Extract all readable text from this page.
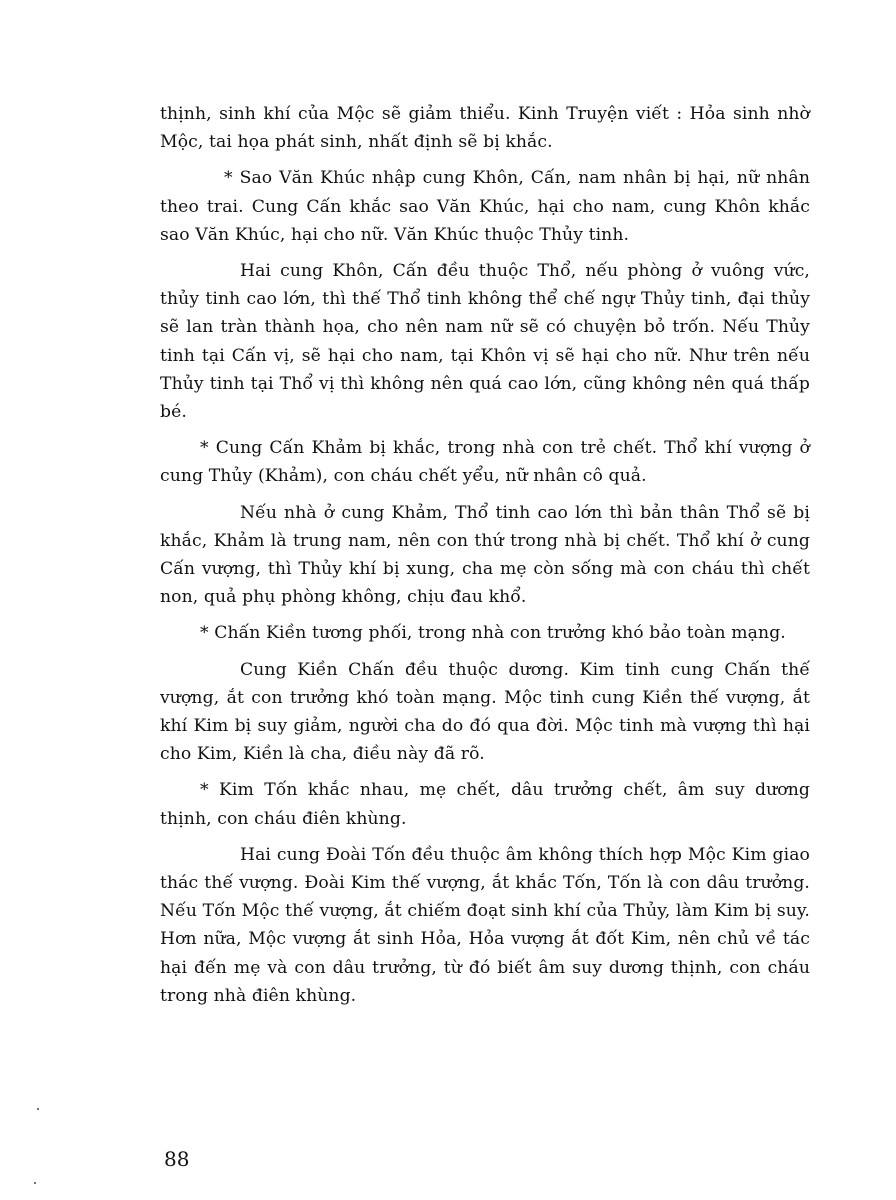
thịnh, sinh khí của Mộc sẽ giảm thiểu. Kinh Truyện viết : Hỏa sinh nhờ Mộc, tai họa phát sinh, nhất định sẽ bị khắc.

* Sao Văn Khúc nhập cung Khôn, Cấn, nam nhân bị hại, nữ nhân theo trai. Cung Cấn khắc sao Văn Khúc, hại cho nam, cung Khôn khắc sao Văn Khúc, hại cho nữ. Văn Khúc thuộc Thủy tinh.

Hai cung Khôn, Cấn đều thuộc Thổ, nếu phòng ở vuông vức, thủy tinh cao lớn, thì thế Thổ tinh không thể chế ngự Thủy tinh, đại thủy sẽ lan tràn thành họa, cho nên nam nữ sẽ có chuyện bỏ trốn. Nếu Thủy tinh tại Cấn vị, sẽ hại cho nam, tại Khôn vị sẽ hại cho nữ. Như trên nếu Thủy tinh tại Thổ vị thì không nên quá cao lớn, cũng không nên quá thấp bé.

* Cung Cấn Khảm bị khắc, trong nhà con trẻ chết. Thổ khí vượng ở cung Thủy (Khảm), con cháu chết yểu, nữ nhân cô quả.

Nếu nhà ở cung Khảm, Thổ tinh cao lớn thì bản thân Thổ sẽ bị khắc, Khảm là trung nam, nên con thứ trong nhà bị chết. Thổ khí ở cung Cấn vượng, thì Thủy khí bị xung, cha mẹ còn sống mà con cháu thì chết non, quả phụ phòng không, chịu đau khổ.

* Chấn Kiền tương phối, trong nhà con trưởng khó bảo toàn mạng.

Cung Kiền Chấn đều thuộc dương. Kim tinh cung Chấn thế vượng, ắt con trưởng khó toàn mạng. Mộc tinh cung Kiền thế vượng, ắt khí Kim bị suy giảm, người cha do đó qua đời. Mộc tinh mà vượng thì hại cho Kim, Kiền là cha, điều này đã rõ.

* Kim Tốn khắc nhau, mẹ chết, dâu trưởng chết, âm suy dương thịnh, con cháu điên khùng.

Hai cung Đoài Tốn đều thuộc âm không thích hợp Mộc Kim giao thác thế vượng. Đoài Kim thế vượng, ắt khắc Tốn, Tốn là con dâu trưởng. Nếu Tốn Mộc thế vượng, ắt chiếm đoạt sinh khí của Thủy, làm Kim bị suy. Hơn nữa, Mộc vượng ắt sinh Hỏa, Hỏa vượng ắt đốt Kim, nên chủ về tác hại đến mẹ và con dâu trưởng, từ đó biết âm suy dương thịnh, con cháu trong nhà điên khùng.

88
